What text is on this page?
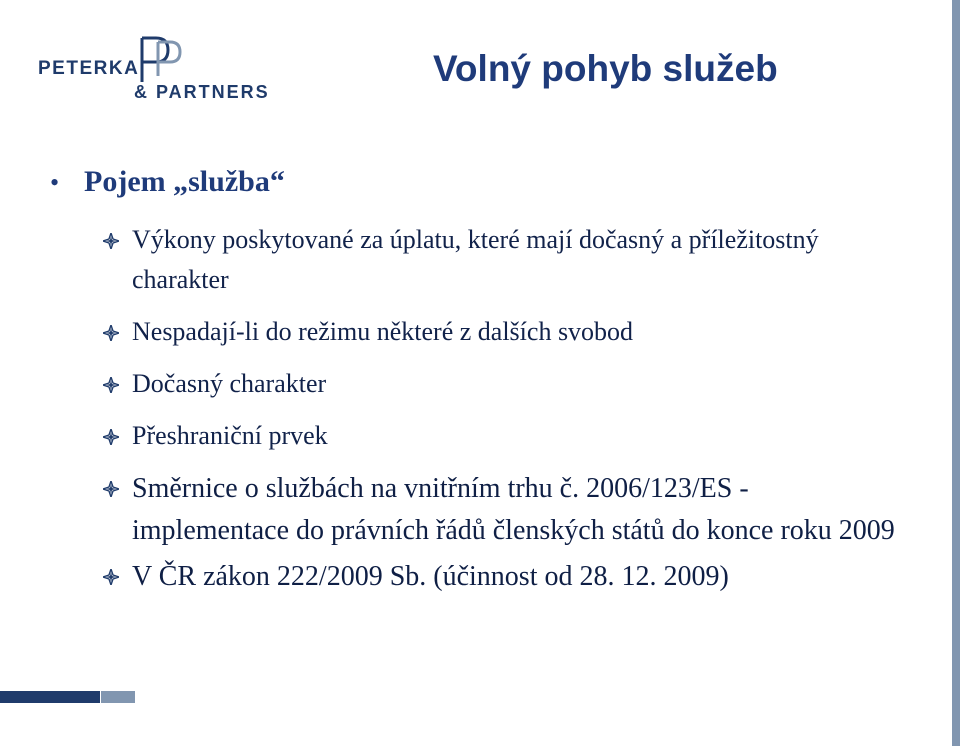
PETERKA
& PARTNERS
Volný pohyb služeb
• Pojem „služba“
Výkony poskytované za úplatu, které mají dočasný a příležitostný charakter
Nespadají-li do režimu některé z dalších svobod
Dočasný charakter
Přeshraniční prvek
Směrnice o službách na vnitřním trhu č. 2006/123/ES - implementace do právních řádů členských států do konce roku 2009
V ČR zákon 222/2009 Sb. (účinnost od 28. 12. 2009)
